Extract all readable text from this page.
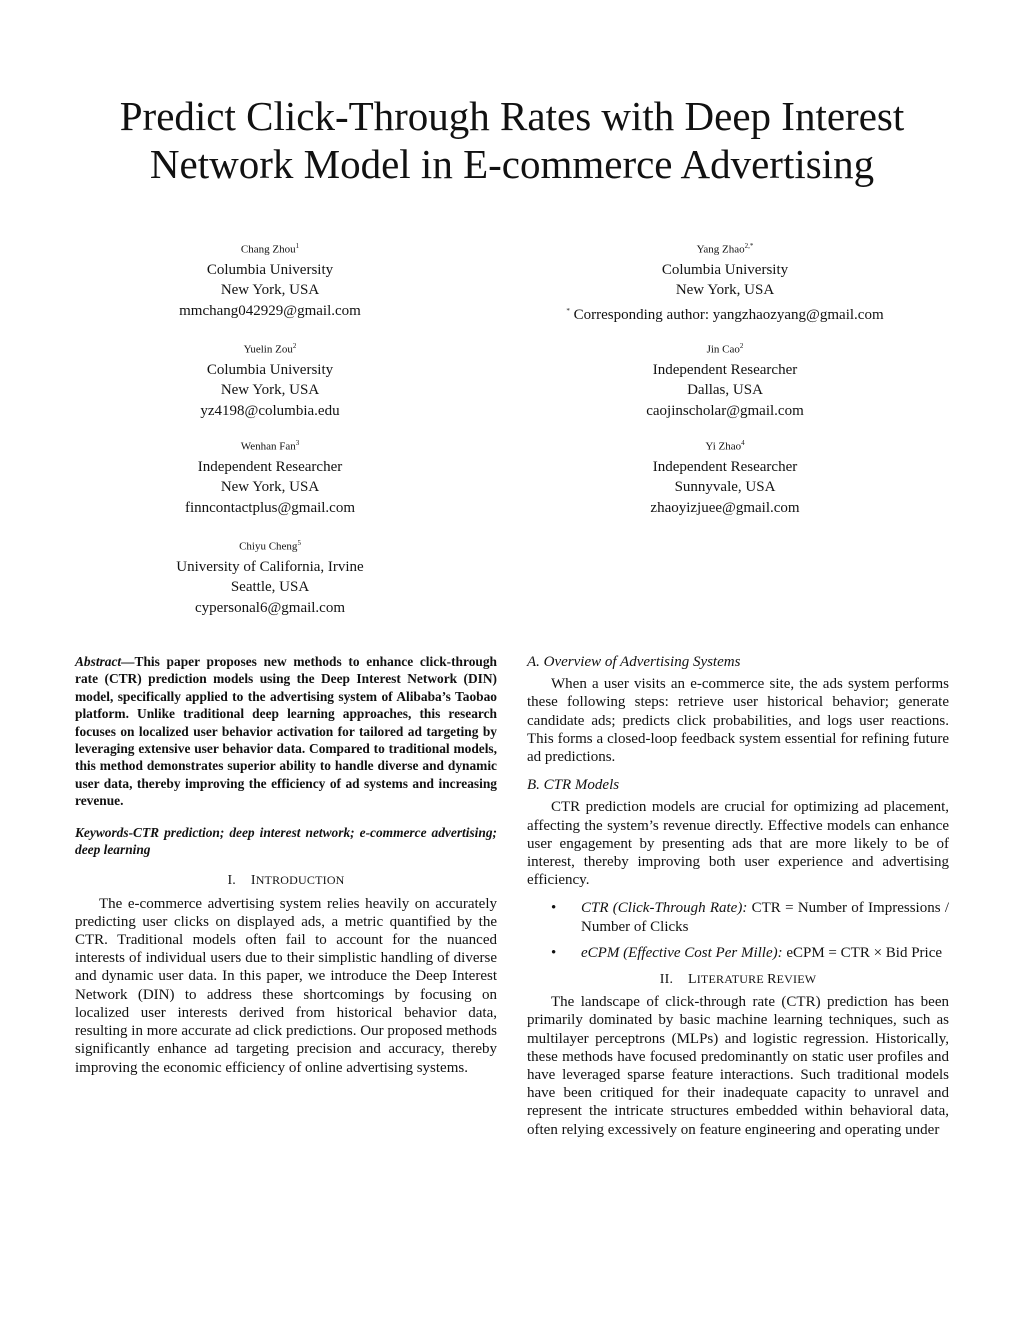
Predict Click-Through Rates with Deep Interest
Network Model in E-commerce Advertising
Chang Zhou$^1$
Columbia University
New York, USA
mmchang042929@gmail.com
Yang Zhao$^{2,*}$
Columbia University
New York, USA
* Corresponding author: yangzhaozyang@gmail.com
Yuelin Zou$^2$
Columbia University
New York, USA
yz4198@columbia.edu
Jin Cao$^2$
Independent Researcher
Dallas, USA
caojinscholar@gmail.com
Wenhan Fan$^3$
Independent Researcher
New York, USA
finncontactplus@gmail.com
Yi Zhao$^4$
Independent Researcher
Sunnyvale, USA
zhaoyizjuee@gmail.com
Chiyu Cheng$^5$
University of California, Irvine
Seattle, USA
cypersonal6@gmail.com

Abstract—This paper proposes new methods to enhance click-through rate (CTR) prediction models using the Deep Interest Network (DIN) model, specifically applied to the advertising system of Alibaba’s Taobao platform. Unlike traditional deep learning approaches, this research focuses on localized user behavior activation for tailored ad targeting by leveraging extensive user behavior data. Compared to traditional models, this method demonstrates superior ability to handle diverse and dynamic user data, thereby improving the efficiency of ad systems and increasing revenue.

Keywords-CTR prediction; deep interest network; e-commerce advertising; deep learning

I. INTRODUCTION

The e-commerce advertising system relies heavily on accurately predicting user clicks on displayed ads, a metric quantified by the CTR. Traditional models often fail to account for the nuanced interests of individual users due to their simplistic handling of diverse and dynamic user data. In this paper, we introduce the Deep Interest Network (DIN) to address these shortcomings by focusing on localized user interests derived from historical behavior data, resulting in more accurate ad click predictions. Our proposed methods significantly enhance ad targeting precision and accuracy, thereby improving the economic efficiency of online advertising systems.

A. Overview of Advertising Systems

When a user visits an e-commerce site, the ads system performs these following steps: retrieve user historical behavior; generate candidate ads; predicts click probabilities, and logs user reactions. This forms a closed-loop feedback system essential for refining future ad predictions.

B. CTR Models

CTR prediction models are crucial for optimizing ad placement, affecting the system’s revenue directly. Effective models can enhance user engagement by presenting ads that are more likely to be of interest, thereby improving both user experience and advertising efficiency.

• CTR (Click-Through Rate): CTR = Number of Impressions / Number of Clicks
• eCPM (Effective Cost Per Mille): eCPM = CTR × Bid Price
II. LITERATURE REVIEW

The landscape of click-through rate (CTR) prediction has been primarily dominated by basic machine learning techniques, such as multilayer perceptrons (MLPs) and logistic regression. Historically, these methods have focused predominantly on static user profiles and have leveraged sparse feature interactions. Such traditional models have been critiqued for their inadequate capacity to unravel and represent the intricate structures embedded within behavioral data, often relying excessively on feature engineering and operating under
